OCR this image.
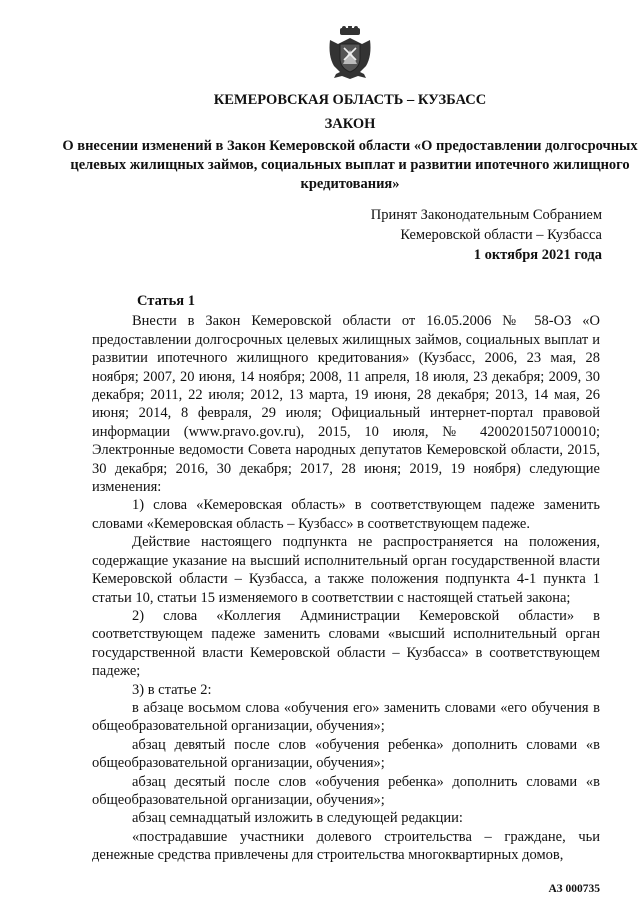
КЕМЕРОВСКАЯ ОБЛАСТЬ – КУЗБАСС
ЗАКОН
О внесении изменений в Закон Кемеровской области «О предоставлении долгосрочных целевых жилищных займов, социальных выплат и развитии ипотечного жилищного кредитования»
Принят Законодательным Собранием
Кемеровской области – Кузбасса
1 октября 2021 года

Статья 1

Внести в Закон Кемеровской области от 16.05.2006 № 58-ОЗ «О предоставлении долгосрочных целевых жилищных займов, социальных выплат и развитии ипотечного жилищного кредитования» (Кузбасс, 2006, 23 мая, 28 ноября; 2007, 20 июня, 14 ноября; 2008, 11 апреля, 18 июля, 23 декабря; 2009, 30 декабря; 2011, 22 июля; 2012, 13 марта, 19 июня, 28 декабря; 2013, 14 мая, 26 июня; 2014, 8 февраля, 29 июля; Официальный интернет-портал правовой информации (www.pravo.gov.ru), 2015, 10 июля, № 4200201507100010; Электронные ведомости Совета народных депутатов Кемеровской области, 2015, 30 декабря; 2016, 30 декабря; 2017, 28 июня; 2019, 19 ноября) следующие изменения:

1) слова «Кемеровская область» в соответствующем падеже заменить словами «Кемеровская область – Кузбасс» в соответствующем падеже.

Действие настоящего подпункта не распространяется на положения, содержащие указание на высший исполнительный орган государственной власти Кемеровской области – Кузбасса, а также положения подпункта 4-1 пункта 1 статьи 10, статьи 15 изменяемого в соответствии с настоящей статьей закона;

2) слова «Коллегия Администрации Кемеровской области» в соответствующем падеже заменить словами «высший исполнительный орган государственной власти Кемеровской области – Кузбасса» в соответствующем падеже;

3) в статье 2:

в абзаце восьмом слова «обучения его» заменить словами «его обучения в общеобразовательной организации, обучения»;

абзац девятый после слов «обучения ребенка» дополнить словами «в общеобразовательной организации, обучения»;

абзац десятый после слов «обучения ребенка» дополнить словами «в общеобразовательной организации, обучения»;

абзац семнадцатый изложить в следующей редакции:

«пострадавшие участники долевого строительства – граждане, чьи денежные средства привлечены для строительства многоквартирных домов,

АЗ 000735
